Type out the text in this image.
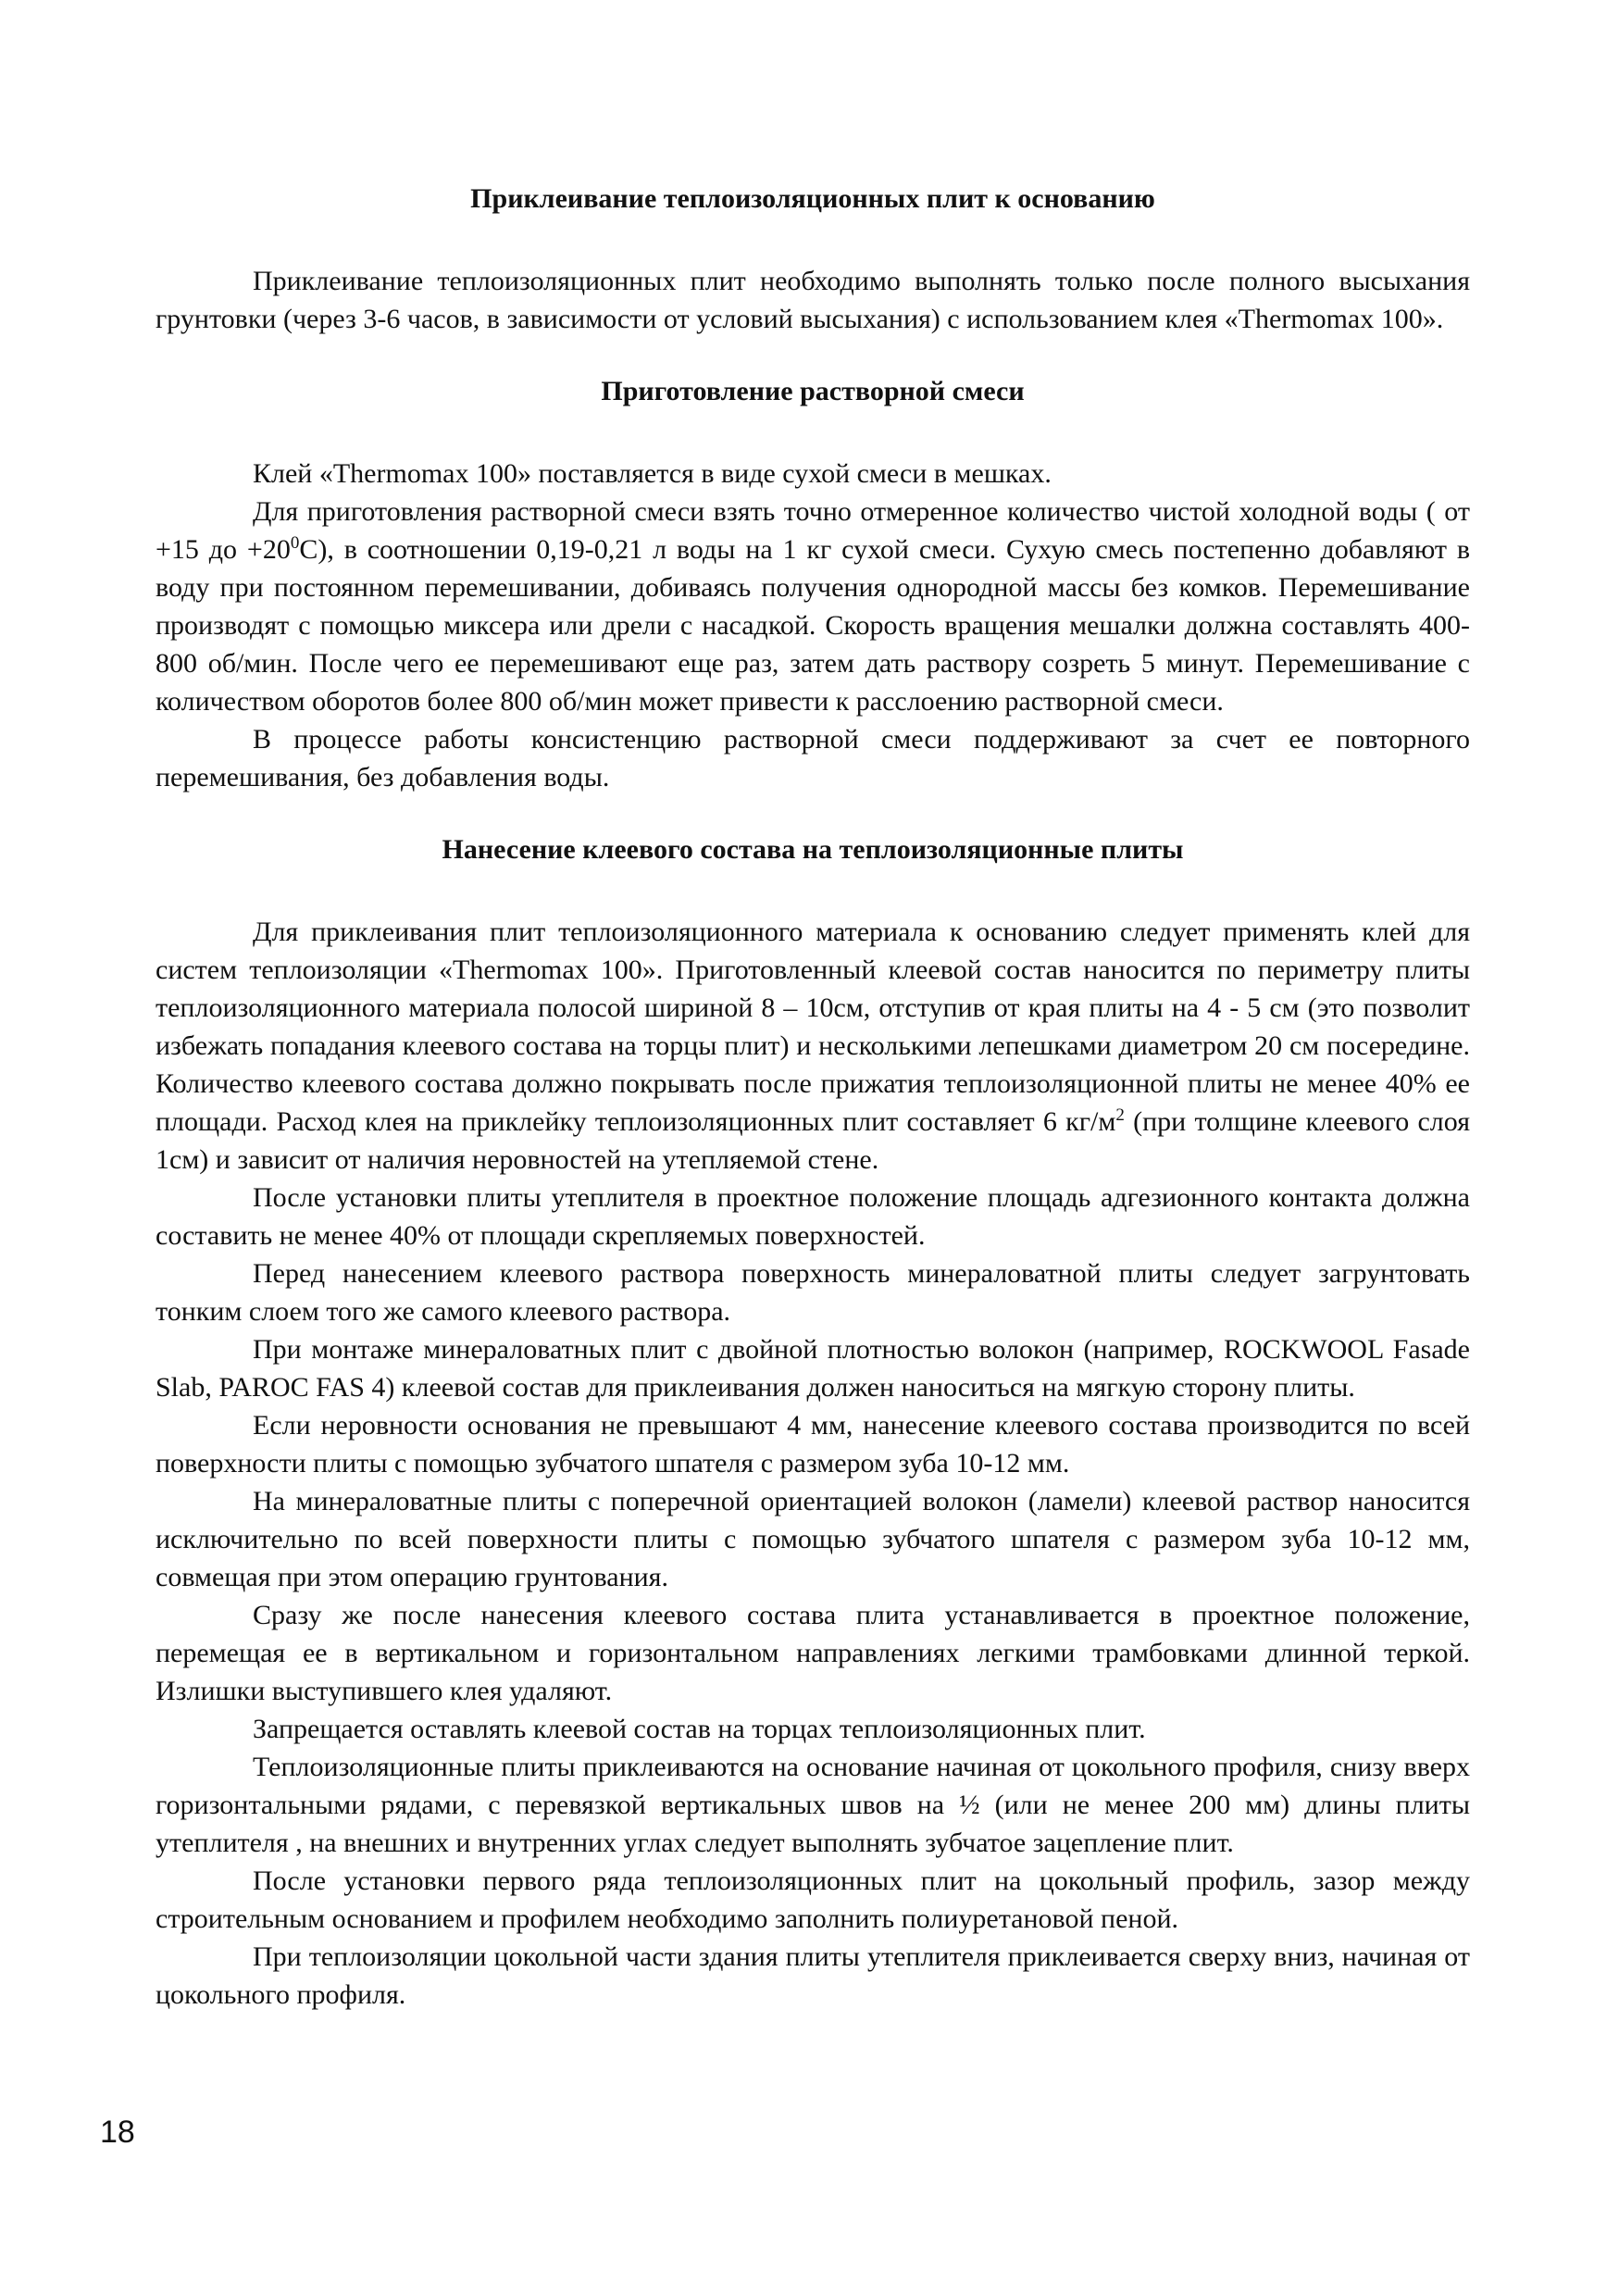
Приклеивание теплоизоляционных плит к основанию

Приклеивание теплоизоляционных плит необходимо выполнять только после полного высыхания грунтовки (через 3-6 часов, в зависимости от условий высыхания) с использованием клея «Thermomax 100».

Приготовление растворной смеси

Клей «Thermomax 100» поставляется в виде сухой смеси в мешках.

Для приготовления растворной смеси взять точно отмеренное количество чистой холодной воды ( от +15 до $+20^0С$), в соотношении 0,19-0,21 л воды на 1 кг сухой смеси. Сухую смесь постепенно добавляют в воду при постоянном перемешивании, добиваясь получения однородной массы без комков. Перемешивание производят с помощью миксера или дрели с насадкой. Скорость вращения мешалки должна составлять 400-800 об/мин. После чего ее перемешивают еще раз, затем дать раствору созреть 5 минут. Перемешивание с количеством оборотов более 800 об/мин может привести к расслоению растворной смеси.

В процессе работы консистенцию растворной смеси поддерживают за счет ее повторного перемешивания, без добавления воды.

Нанесение клеевого состава на теплоизоляционные плиты

Для приклеивания плит теплоизоляционного материала к основанию следует применять клей для систем теплоизоляции «Thermomax 100». Приготовленный клеевой состав наносится по периметру плиты теплоизоляционного материала полосой шириной 8 – 10см, отступив от края плиты на 4 - 5 см (это позволит избежать попадания клеевого состава на торцы плит) и несколькими лепешками диаметром 20 см посередине. Количество клеевого состава должно покрывать после прижатия теплоизоляционной плиты не менее 40% ее площади. Расход клея на приклейку теплоизоляционных плит составляет 6 $кг/м^2$ (при толщине клеевого слоя 1см) и зависит от наличия неровностей на утепляемой стене.

После установки плиты утеплителя в проектное положение площадь адгезионного контакта должна составить не менее 40% от площади скрепляемых поверхностей.

Перед нанесением клеевого раствора поверхность минераловатной плиты следует загрунтовать тонким слоем того же самого клеевого раствора.

При монтаже минераловатных плит с двойной плотностью волокон (например, ROCKWOOL Fasade Slab, PAROC FAS 4) клеевой состав для приклеивания должен наноситься на мягкую сторону плиты.

Если неровности основания не превышают 4 мм, нанесение клеевого состава производится по всей поверхности плиты с помощью зубчатого шпателя с размером зуба 10-12 мм.

На минераловатные плиты с поперечной ориентацией волокон (ламели) клеевой раствор наносится исключительно по всей поверхности плиты с помощью зубчатого шпателя с размером зуба 10-12 мм, совмещая при этом операцию грунтования.

Сразу же после нанесения клеевого состава плита устанавливается в проектное положение, перемещая ее в вертикальном и горизонтальном направлениях легкими трамбовками длинной теркой. Излишки выступившего клея удаляют.

Запрещается оставлять клеевой состав на торцах теплоизоляционных плит.

Теплоизоляционные плиты приклеиваются на основание начиная от цокольного профиля, снизу вверх горизонтальными рядами, с перевязкой вертикальных швов на ½ (или не менее 200 мм) длины плиты утеплителя , на внешних и внутренних углах следует выполнять зубчатое зацепление плит.

После установки первого ряда теплоизоляционных плит на цокольный профиль, зазор между строительным основанием и профилем необходимо заполнить полиуретановой пеной.

При теплоизоляции цокольной части здания плиты утеплителя приклеивается сверху вниз, начиная от цокольного профиля.

18
